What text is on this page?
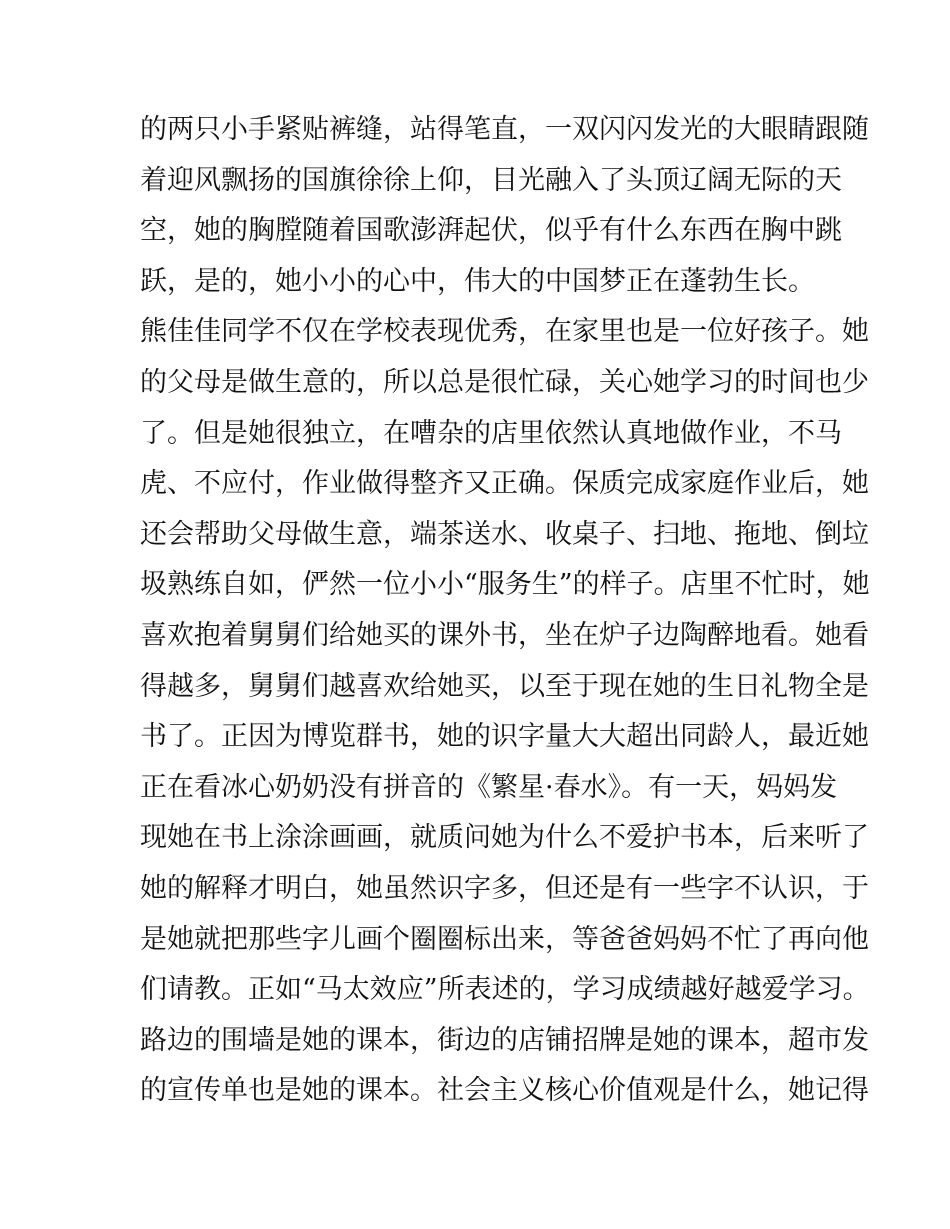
的两只小手紧贴裤缝，站得笔直，一双闪闪发光的大眼睛跟随
着迎风飘扬的国旗徐徐上仰，目光融入了头顶辽阔无际的天
空，她的胸膛随着国歌澎湃起伏，似乎有什么东西在胸中跳
跃，是的，她小小的心中，伟大的中国梦正在蓬勃生长。
熊佳佳同学不仅在学校表现优秀，在家里也是一位好孩子。她
的父母是做生意的，所以总是很忙碌，关心她学习的时间也少
了。但是她很独立，在嘈杂的店里依然认真地做作业，不马
虎、不应付，作业做得整齐又正确。保质完成家庭作业后，她
还会帮助父母做生意，端茶送水、收桌子、扫地、拖地、倒垃
圾熟练自如，俨然一位小小“服务生”的样子。店里不忙时，她
喜欢抱着舅舅们给她买的课外书，坐在炉子边陶醉地看。她看
得越多，舅舅们越喜欢给她买，以至于现在她的生日礼物全是
书了。正因为博览群书，她的识字量大大超出同龄人，最近她
正在看冰心奶奶没有拼音的《繁星·春水》。有一天，妈妈发
现她在书上涂涂画画，就质问她为什么不爱护书本，后来听了
她的解释才明白，她虽然识字多，但还是有一些字不认识，于
是她就把那些字儿画个圈圈标出来，等爸爸妈妈不忙了再向他
们请教。正如“马太效应”所表述的，学习成绩越好越爱学习。
路边的围墙是她的课本，街边的店铺招牌是她的课本，超市发
的宣传单也是她的课本。社会主义核心价值观是什么，她记得
